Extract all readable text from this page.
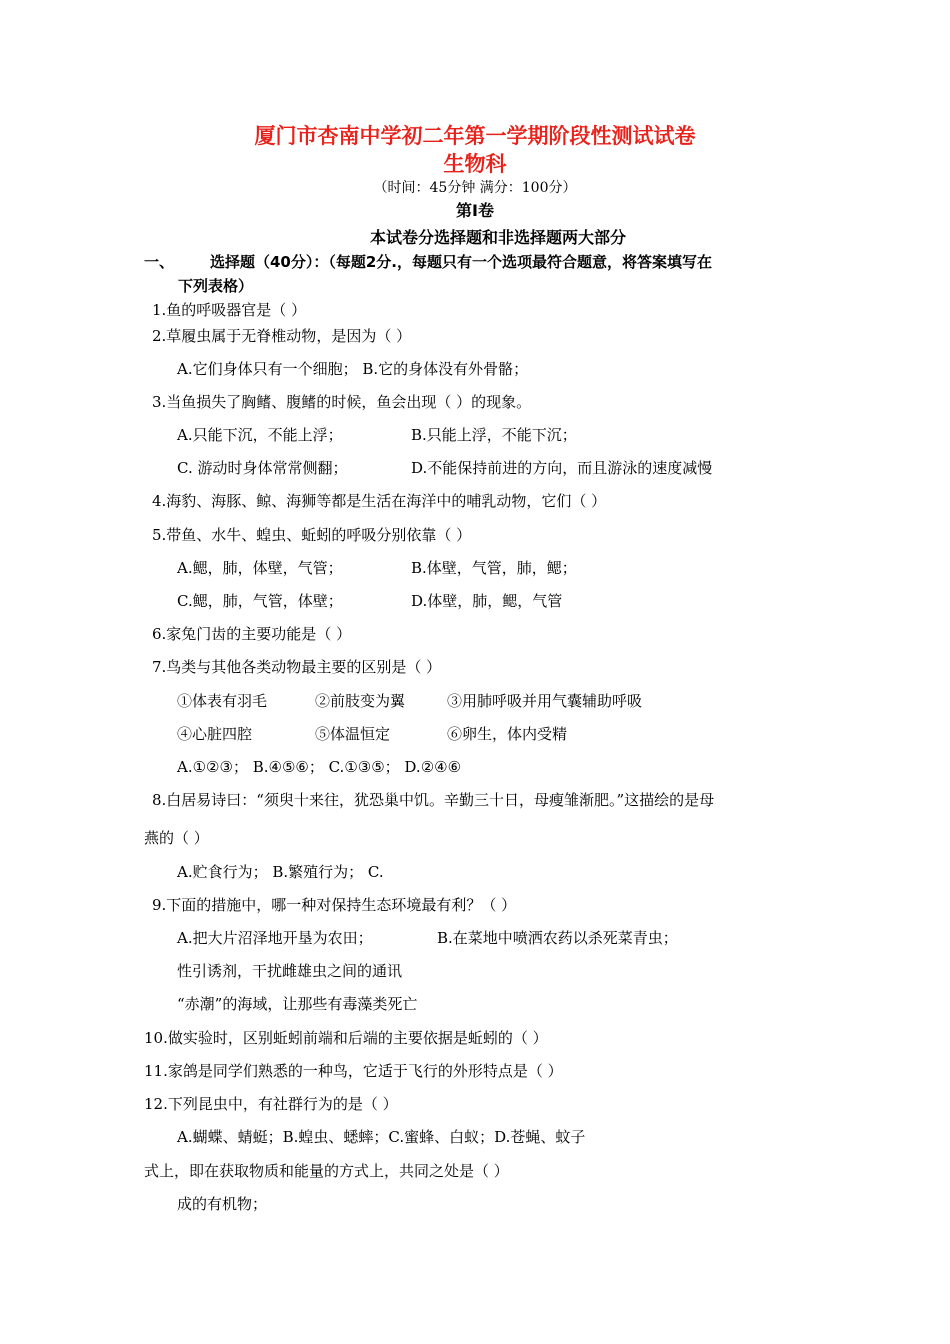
厦门市杏南中学初二年第一学期阶段性测试试卷
生物科
（时间：45分钟 满分：100分）
第Ⅰ卷
本试卷分选择题和非选择题两大部分
一、 选择题（40分）：（每题2分.，每题只有一个选项最符合题意，将答案填写在
下列表格）
1.鱼的呼吸器官是（ ）
2.草履虫属于无脊椎动物，是因为（ ）
A.它们身体只有一个细胞； B.它的身体没有外骨骼；
3.当鱼损失了胸鳍、腹鳍的时候，鱼会出现（ ）的现象。
A.只能下沉，不能上浮；	B.只能上浮，不能下沉；
C. 游动时身体常常侧翻；	D.不能保持前进的方向，而且游泳的速度减慢
4.海豹、海豚、鲸、海狮等都是生活在海洋中的哺乳动物，它们（ ）
5.带鱼、水牛、蝗虫、蚯蚓的呼吸分别依靠（ ）
A.鳃，肺，体壁，气管；	B.体壁，气管，肺，鳃；
C.鳃，肺，气管，体壁；	D.体壁，肺，鳃，气管
6.家兔门齿的主要功能是（ ）
7.鸟类与其他各类动物最主要的区别是（ ）
①体表有羽毛	②前肢变为翼	③用肺呼吸并用气囊辅助呼吸
④心脏四腔	⑤体温恒定	⑥卵生，体内受精
A.①②③； B.④⑤⑥； C.①③⑤； D.②④⑥
8.白居易诗曰：“须臾十来往，犹恐巢中饥。辛勤三十日，母瘦雏渐肥。”这描绘的是母
燕的（ ）
A.贮食行为； B.繁殖行为； C.
9.下面的措施中，哪一种对保持生态环境最有利？（ ）
A.把大片沼泽地开垦为农田；	B.在菜地中喷洒农药以杀死菜青虫；
性引诱剂，干扰雌雄虫之间的通讯
“赤潮”的海域，让那些有毒藻类死亡
10.做实验时，区别蚯蚓前端和后端的主要依据是蚯蚓的（ ）
11.家鸽是同学们熟悉的一种鸟，它适于飞行的外形特点是（ ）
12.下列昆虫中，有社群行为的是（ ）
A.蝴蝶、蜻蜓；B.蝗虫、蟋蟀；C.蜜蜂、白蚁；D.苍蝇、蚊子
式上，即在获取物质和能量的方式上，共同之处是（ ）
成的有机物；
